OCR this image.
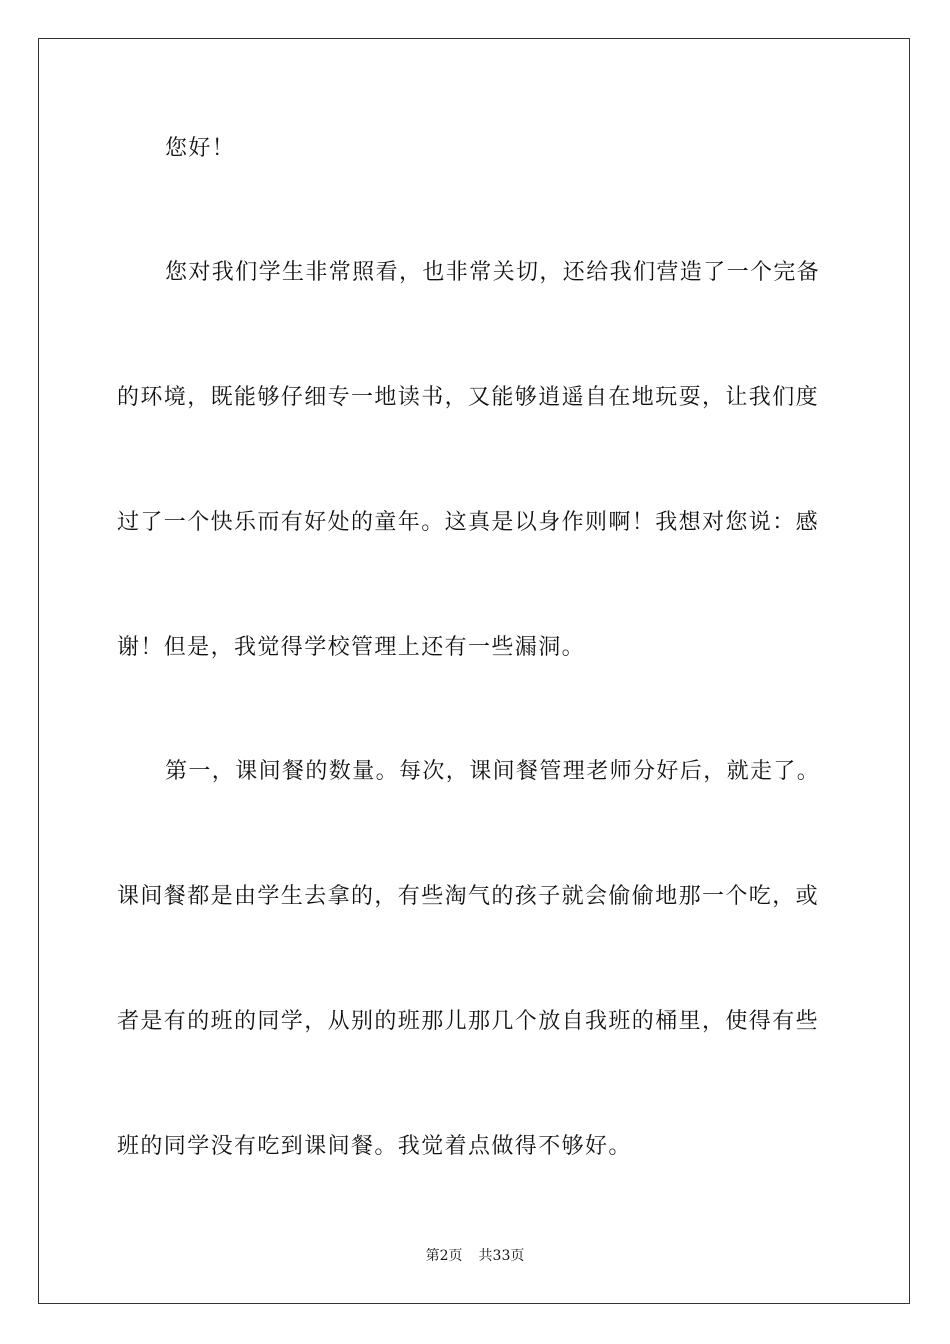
您好！
您对我们学生非常照看，也非常关切，还给我们营造了一个完备
的环境，既能够仔细专一地读书，又能够逍遥自在地玩耍，让我们度
过了一个快乐而有好处的童年。这真是以身作则啊！我想对您说：感
谢！但是，我觉得学校管理上还有一些漏洞。
第一，课间餐的数量。每次，课间餐管理老师分好后，就走了。
课间餐都是由学生去拿的，有些淘气的孩子就会偷偷地那一个吃，或
者是有的班的同学，从别的班那儿那几个放自我班的桶里，使得有些
班的同学没有吃到课间餐。我觉着点做得不够好。
第2页 共33页
